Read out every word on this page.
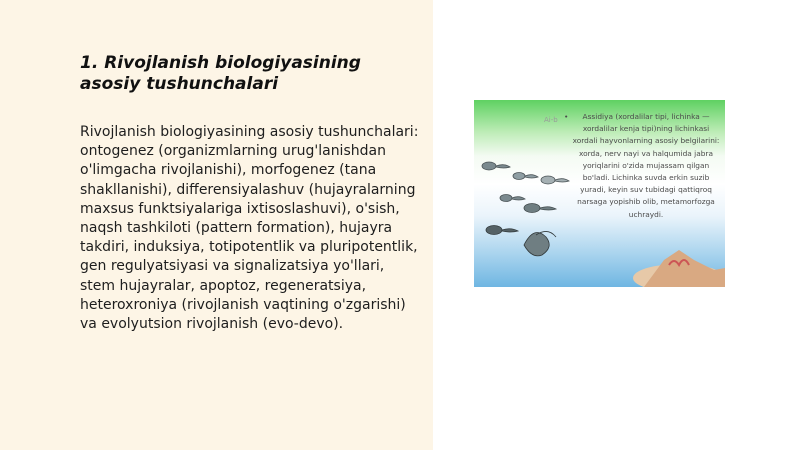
1. Rivojlanish biologiyasining asosiy tushunchalari

Rivojlanish biologiyasining asosiy tushunchalari: ontogenez (organizmlarning urug'lanishdan o'limgacha rivojlanishi), morfogenez (tana shakllanishi), differensiyalashuv (hujayralarning maxsus funktsiyalariga ixtisoslashuvi), o'sish, naqsh tashkiloti (pattern formation), hujayra takdiri, induksiya, totipotentlik va pluripotentlik, gen regulyatsiyasi va signalizatsiya yo'llari, stem hujayralar, apoptoz, regeneratsiya, heteroxroniya (rivojlanish vaqtining o'zgarishi) va evolyutsion rivojlanish (evo-devo).

Ai-b • Assidiya (xordalilar tipi, lichinka — xordalilar kenja tipi)ning lichinkasi xordali hayvonlarning asosiy belgilarini: xorda, nerv nayi va halqumida jabra yoriqlarini o'zida mujassam qilgan bo'ladi. Lichinka suvda erkin suzib yuradi, keyin suv tubidagi qattiqroq narsaga yopishib olib, metamorfozga uchraydi.
